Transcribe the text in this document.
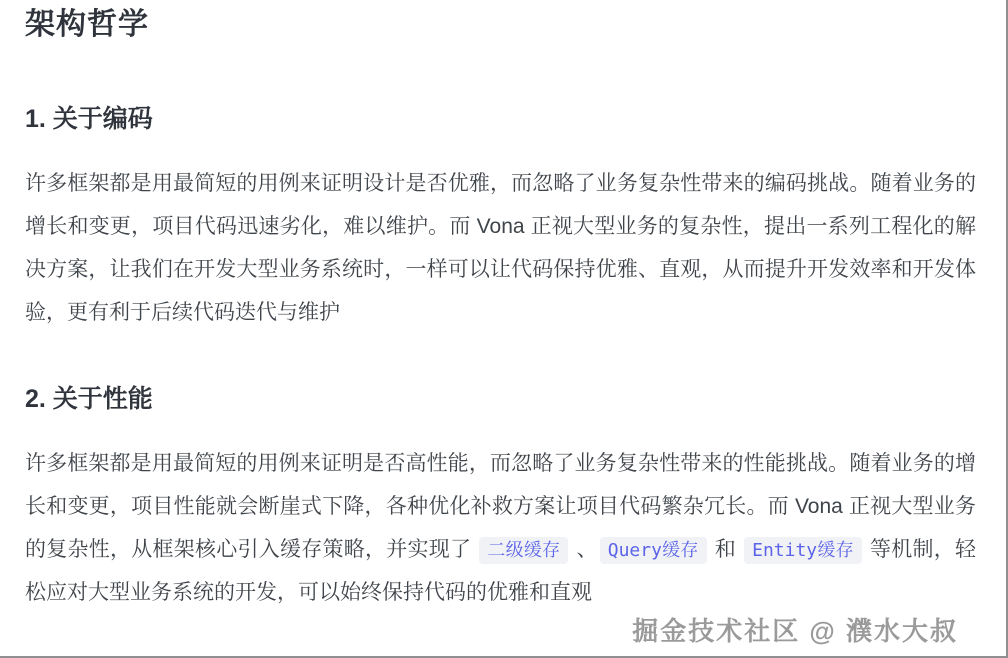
架构哲学
1. 关于编码

许多框架都是用最简短的用例来证明设计是否优雅，而忽略了业务复杂性带来的编码挑战。随着业务的增长和变更，项目代码迅速劣化，难以维护。而 Vona 正视大型业务的复杂性，提出一系列工程化的解决方案，让我们在开发大型业务系统时，一样可以让代码保持优雅、直观，从而提升开发效率和开发体验，更有利于后续代码迭代与维护

2. 关于性能

许多框架都是用最简短的用例来证明是否高性能，而忽略了业务复杂性带来的性能挑战。随着业务的增长和变更，项目性能就会断崖式下降，各种优化补救方案让项目代码繁杂冗长。而 Vona 正视大型业务的复杂性，从框架核心引入缓存策略，并实现了 二级缓存 、 Query缓存 和 Entity缓存 等机制，轻松应对大型业务系统的开发，可以始终保持代码的优雅和直观

掘金技术社区 @ 濮水大叔
